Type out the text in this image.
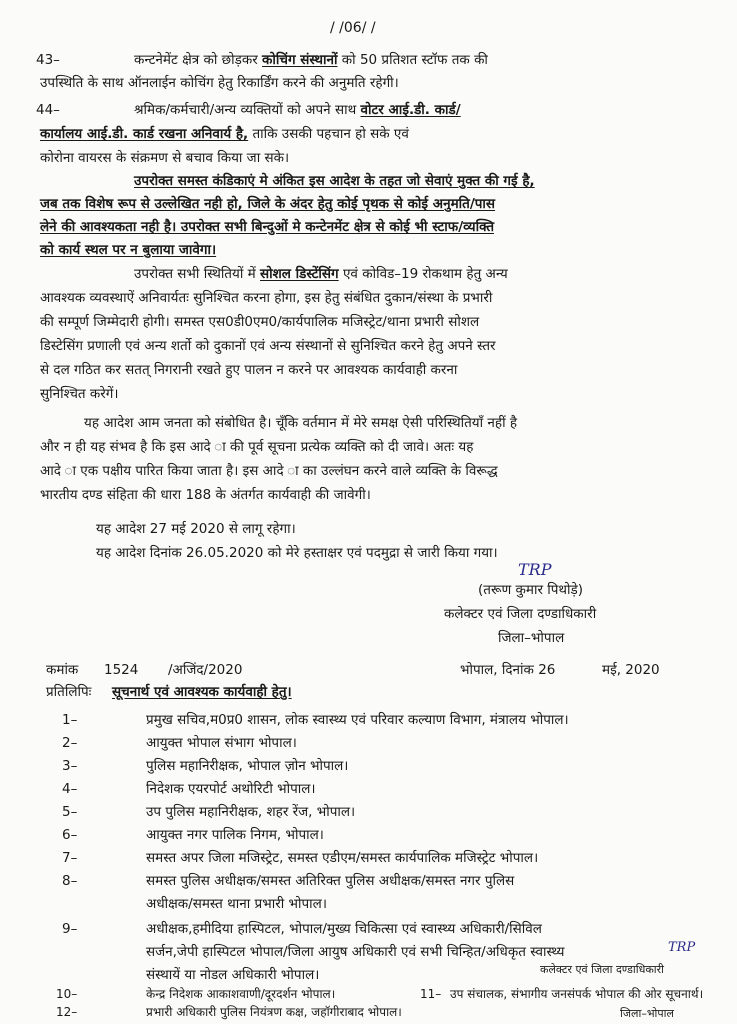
/ /06/ /
43–	कन्टनेमेंट क्षेत्र को छोड़कर कोचिंग संस्थानों को 50 प्रतिशत स्टॉफ तक की
उपस्थिति के साथ ऑनलाईन कोचिंग हेतु रिकार्डिंग करने की अनुमति रहेगी।
44–	श्रमिक/कर्मचारी/अन्य व्यक्तियों को अपने साथ वोटर आई.डी. कार्ड/
कार्यालय आई.डी. कार्ड रखना अनिवार्य है, ताकि उसकी पहचान हो सके एवं
कोरोना वायरस के संक्रमण से बचाव किया जा सके।
उपरोक्त समस्त कंडिकाएं मे अंकित इस आदेश के तहत जो सेवाएं मुक्त की गई है,
जब तक विशेष रूप से उल्लेखित नही हो, जिले के अंदर हेतु कोई पृथक से कोई अनुमति/पास
लेने की आवश्यकता नही है। उपरोक्त सभी बिन्दुओं मे कन्टेनमेंट क्षेत्र से कोई भी स्टाफ/व्यक्ति
को कार्य स्थल पर न बुलाया जावेगा।
उपरोक्त सभी स्थितियों में सोशल डिस्टेंसिंग एवं कोविड–19 रोकथाम हेतु अन्य
आवश्यक व्यवस्थाऐं अनिवार्यतः सुनिश्चित करना होगा, इस हेतु संबंधित दुकान/संस्था के प्रभारी
की सम्पूर्ण जिम्मेदारी होगी। समस्त एस0डी0एम0/कार्यपालिक मजिस्ट्रेट/थाना प्रभारी सोशल
डिस्टेसिंग प्रणाली एवं अन्य शर्तो को दुकानों एवं अन्य संस्थानों से सुनिश्चित करने हेतु अपने स्तर
से दल गठित कर सतत् निगरानी रखते हुए पालन न करने पर आवश्यक कार्यवाही करना
सुनिश्चित करेगें।
यह आदेश आम जनता को संबोधित है। चूँकि वर्तमान में मेरे समक्ष ऐसी परिस्थितियॉं नहीं है
और न ही यह संभव है कि इस आदे ा की पूर्व सूचना प्रत्येक व्यक्ति को दी जावे। अतः यह
आदे ा एक पक्षीय पारित किया जाता है। इस आदे ा का उल्लंघन करने वाले व्यक्ति के विरूद्ध
भारतीय दण्ड संहिता की धारा 188 के अंतर्गत कार्यवाही की जावेगी।
यह आदेश 27 मई 2020 से लागू रहेगा।
यह आदेश दिनांक 26.05.2020 को मेरे हस्ताक्षर एवं पदमुद्रा से जारी किया गया।
TRP
(तरूण कुमार पिथोड़े)
कलेक्टर एवं जिला दण्डाधिकारी
जिला–भोपाल
कमांक 1524 /अजिंद/2020	भोपाल, दिनांक 26	मई, 2020
प्रतिलिपिः सूचनार्थ एवं आवश्यक कार्यवाही हेतु।
1–	प्रमुख सचिव,म0प्र0 शासन, लोक स्वास्थ्य एवं परिवार कल्याण विभाग, मंत्रालय भोपाल।
2–	आयुक्त भोपाल संभाग भोपाल।
3–	पुलिस महानिरीक्षक, भोपाल ज़ोन भोपाल।
4–	निदेशक एयरपोर्ट अथोरिटी भोपाल।
5–	उप पुलिस महानिरीक्षक, शहर रेंज, भोपाल।
6–	आयुक्त नगर पालिक निगम, भोपाल।
7–	समस्त अपर जिला मजिस्ट्रेट, समस्त एडीएम/समस्त कार्यपालिक मजिस्ट्रेट भोपाल।
8–	समस्त पुलिस अधीक्षक/समस्त अतिरिक्त पुलिस अधीक्षक/समस्त नगर पुलिस
अधीक्षक/समस्त थाना प्रभारी भोपाल।
9–	अधीक्षक,हमीदिया हास्पिटल, भोपाल/मुख्य चिकित्सा एवं स्वास्थ्य अधिकारी/सिविल
सर्जन,जेपी हास्पिटल भोपाल/जिला आयुष अधिकारी एवं सभी चिन्हित/अधिकृत स्वास्थ्य
संस्थायें या नोडल अधिकारी भोपाल।
10–	केन्द्र निदेशक आकाशवाणी/दूरदर्शन भोपाल।	11– उप संचालक, संभागीय जनसंपर्क भोपाल की ओर सूचनार्थ।
12–	प्रभारी अधिकारी पुलिस नियंत्रण कक्ष, जहॉगीराबाद भोपाल।
TRP
कलेक्टर एवं जिला दण्डाधिकारी
जिला–भोपाल
